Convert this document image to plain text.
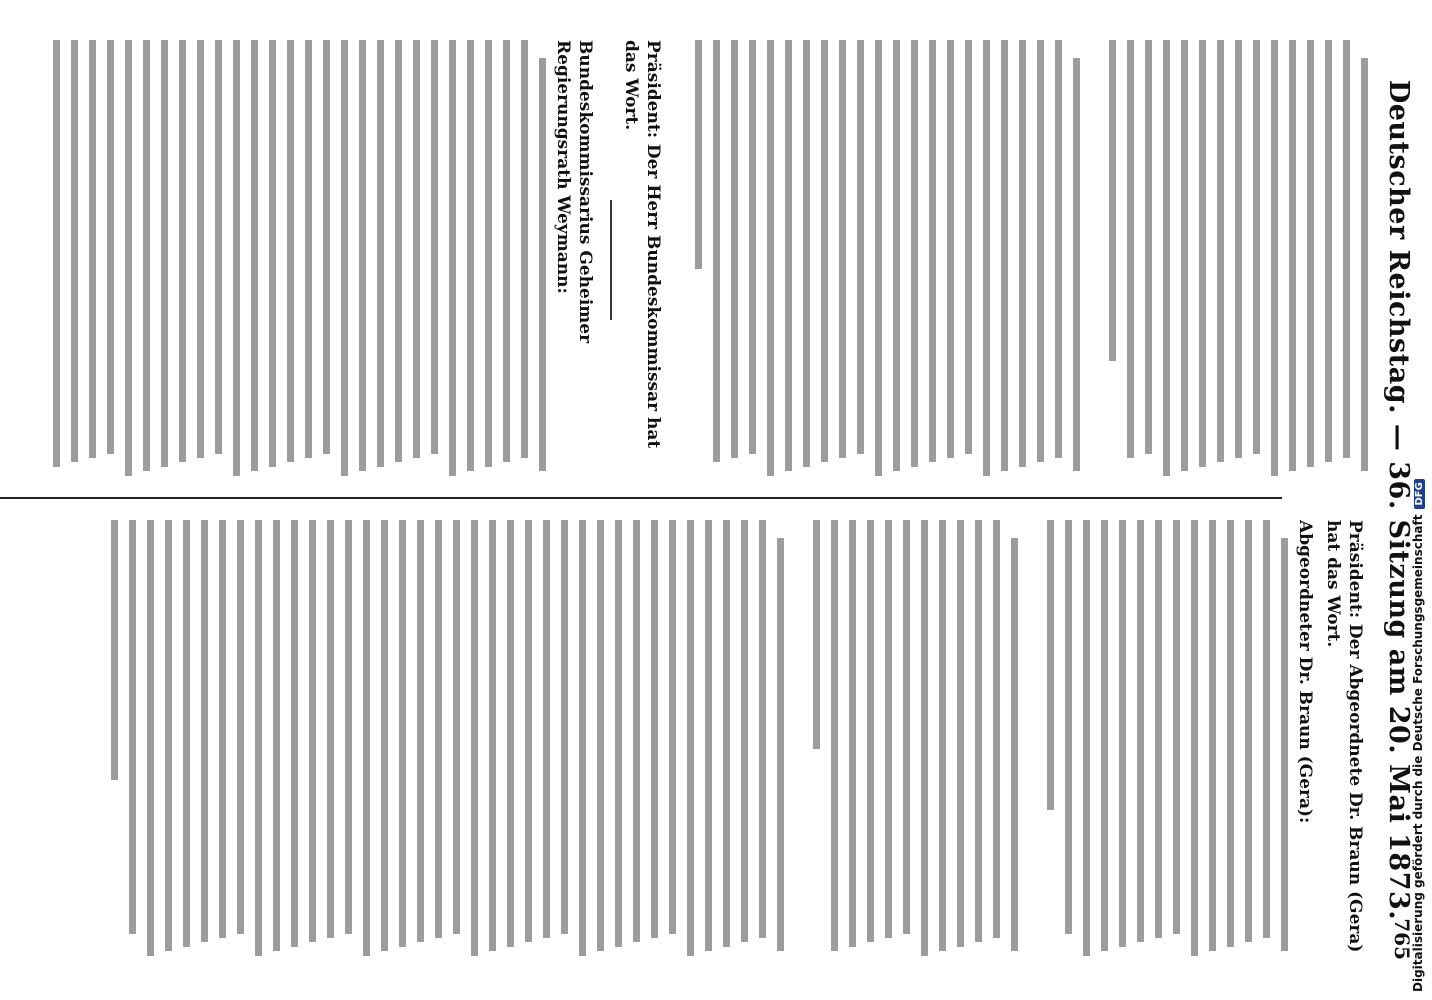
Deutscher Reichstag. — 36. Sitzung am 20. Mai 1873.
765
Präsident: Der Herr Bundeskommissar hat das Wort.
Bundeskommissarius Geheimer Regierungsrath Weymann:
Präsident: Der Abgeordnete Dr. Braun (Gera) hat das Wort.
Abgeordneter Dr. Braun (Gera):	Digitalisierung gefördert durch die Deutsche ForschungsgemeinschaftDFG
